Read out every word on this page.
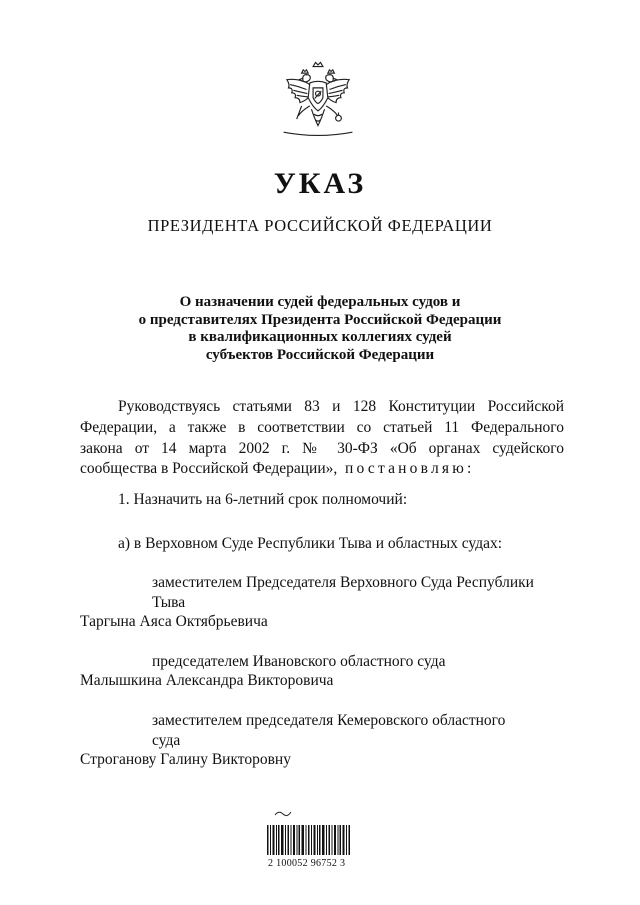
УКАЗ
ПРЕЗИДЕНТА РОССИЙСКОЙ ФЕДЕРАЦИИ
О назначении судей федеральных судов и
о представителях Президента Российской Федерации
в квалификационных коллегиях судей
субъектов Российской Федерации
Руководствуясь статьями 83 и 128 Конституции Российской
Федерации, а также в соответствии со статьей 11 Федерального
закона от 14 марта 2002 г. № 30-ФЗ «Об органах судейского
сообщества в Российской Федерации», постановляю:
1. Назначить на 6-летний срок полномочий:
а) в Верховном Суде Республики Тыва и областных судах:
заместителем Председателя Верховного Суда Республики
Тыва
Таргына Аяса Октябрьевича
председателем Ивановского областного суда
Малышкина Александра Викторовича
заместителем председателя Кемеровского областного
суда
Строганову Галину Викторовну
2 100052 96752 3
